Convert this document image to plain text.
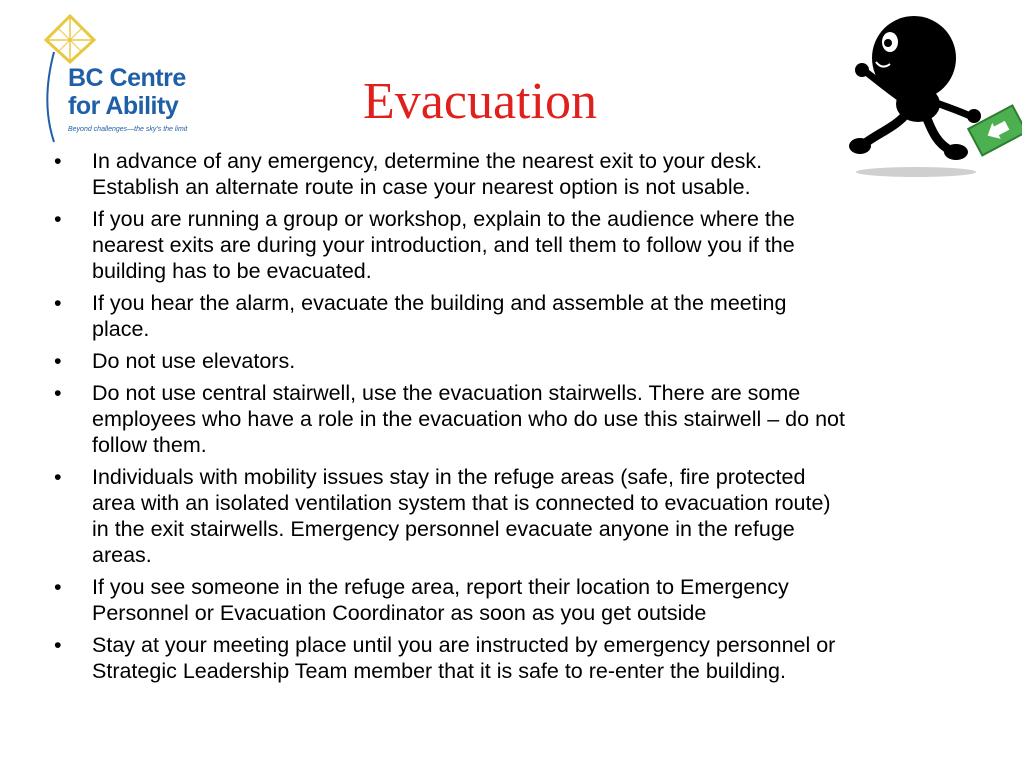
BC Centre
for Ability
Beyond challenges—the sky’s the limit	Evacuation
• In advance of any emergency, determine the nearest exit to your desk.
Establish an alternate route in case your nearest option is not usable.
• If you are running a group or workshop, explain to the audience where the
nearest exits are during your introduction, and tell them to follow you if the
building has to be evacuated.
• If you hear the alarm, evacuate the building and assemble at the meeting
place.
• Do not use elevators.
• Do not use central stairwell, use the evacuation stairwells. There are some
employees who have a role in the evacuation who do use this stairwell – do not
follow them.
• Individuals with mobility issues stay in the refuge areas (safe, fire protected
area with an isolated ventilation system that is connected to evacuation route)
in the exit stairwells. Emergency personnel evacuate anyone in the refuge
areas.
• If you see someone in the refuge area, report their location to Emergency
Personnel or Evacuation Coordinator as soon as you get outside
• Stay at your meeting place until you are instructed by emergency personnel or
Strategic Leadership Team member that it is safe to re-enter the building.
